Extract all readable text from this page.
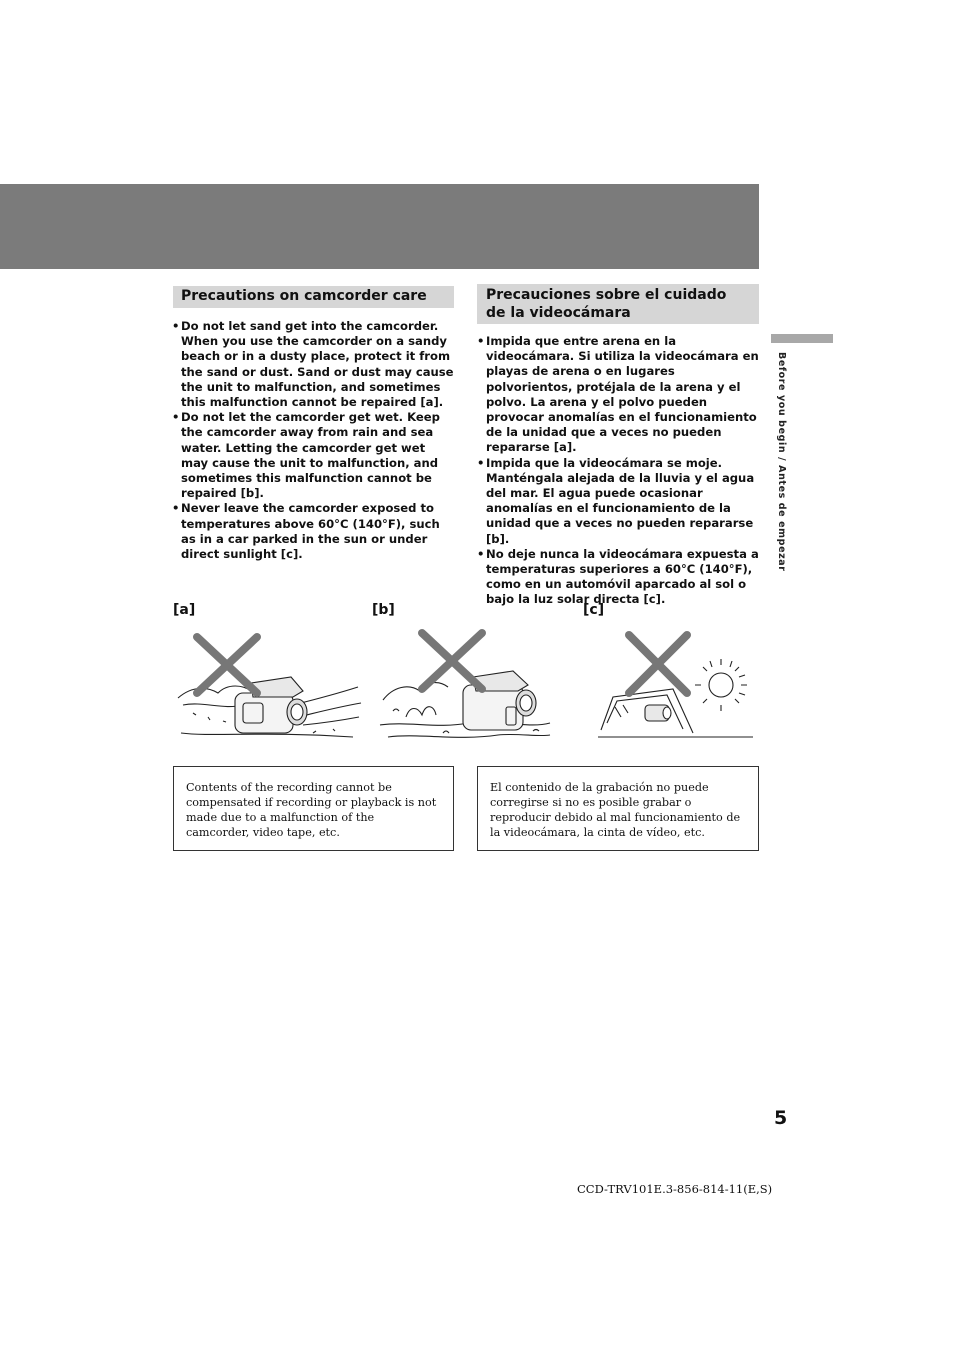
Before you begin / Antes de empezar
Precautions on camcorder care
• Do not let sand get into the camcorder. When you use the camcorder on a sandy beach or in a dusty place, protect it from the sand or dust. Sand or dust may cause the unit to malfunction, and sometimes this malfunction cannot be repaired [a].
• Do not let the camcorder get wet. Keep the camcorder away from rain and sea water. Letting the camcorder get wet may cause the unit to malfunction, and sometimes this malfunction cannot be repaired [b].
• Never leave the camcorder exposed to temperatures above 60°C (140°F), such as in a car parked in the sun or under direct sunlight [c].
Precauciones sobre el cuidado de la videocámara
• Impida que entre arena en la videocámara. Si utiliza la videocámara en playas de arena o en lugares polvorientos, protéjala de la arena y el polvo. La arena y el polvo pueden provocar anomalías en el funcionamiento de la unidad que a veces no pueden repararse [a].
• Impida que la videocámara se moje. Manténgala alejada de la lluvia y el agua del mar. El agua puede ocasionar anomalías en el funcionamiento de la unidad que a veces no pueden repararse [b].
• No deje nunca la videocámara expuesta a temperaturas superiores a 60°C (140°F), como en un automóvil aparcado al sol o bajo la luz solar directa [c].
[a]	[b]	[c]
Contents of the recording cannot be compensated if recording or playback is not made due to a malfunction of the camcorder, video tape, etc.
El contenido de la grabación no puede corregirse si no es posible grabar o reproducir debido al mal funcionamiento de la videocámara, la cinta de vídeo, etc.
5
CCD-TRV101E.3-856-814-11(E,S)
